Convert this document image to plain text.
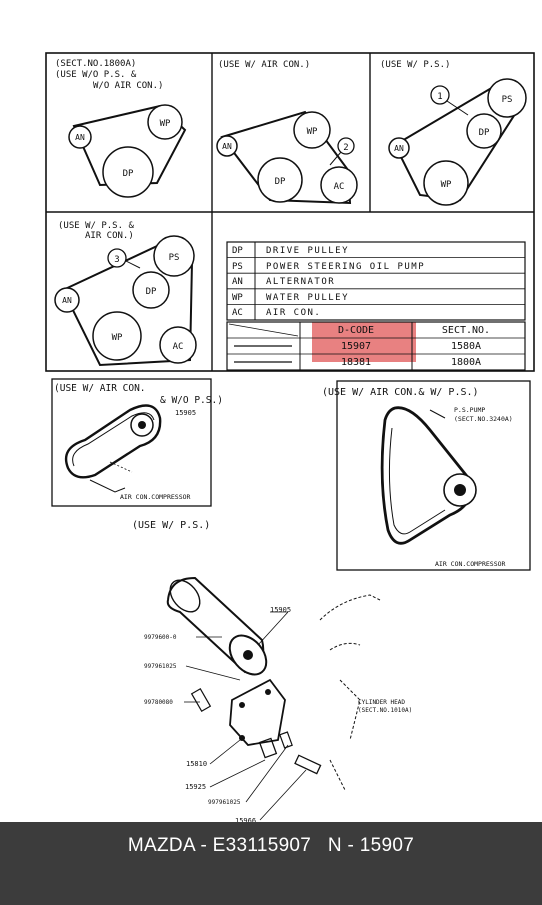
(SECT.NO.1800A)
(USE W/O P.S. &
W/O AIR CON.)
AN
WP
DP
(USE W/ AIR CON.)
AN
WP
DP	AC
2
(USE W/ P.S.)
AN
PS
DP
WP
1
(USE W/ P.S. &
AIR CON.)
AN
PS
DP
WP
AC
3
DP	DRIVE PULLEY
PS	POWER STEERING OIL PUMP
AN	ALTERNATOR
WP	WATER PULLEY
AC	AIR CON.
D-CODE	SECT.NO.
15907	1580A
18381	1800A
(USE W/ AIR CON.
& W/O P.S.)
15905
AIR CON.COMPRESSOR
(USE W/ AIR CON.& W/ P.S.)
P.S.PUMP
(SECT.NO.3240A)
AIR CON.COMPRESSOR
(USE W/ P.S.)
15905
9979600-0
997961025
99780080	CYLINDER HEAD
(SECT.NO.1010A)
15810
15925
997961025
15966
MAZDA - E33115907 N - 15907
